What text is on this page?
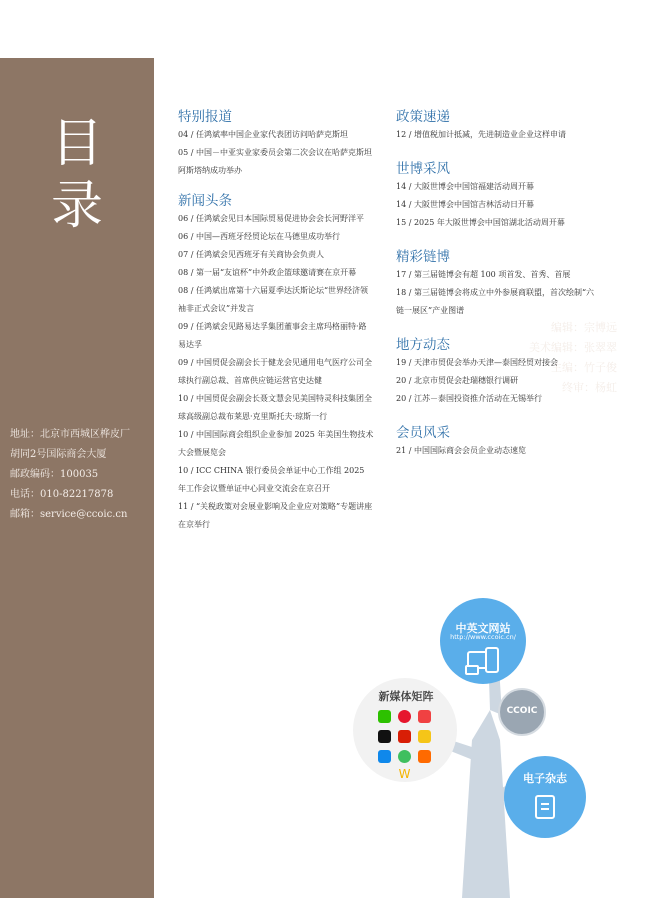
目
录
编辑：宗博远
美术编辑：张翠翠
主编：竹子俊
终审：杨虹
地址：北京市西城区桦皮厂
胡同2号国际商会大厦
邮政编码：100035
电话：010-82217878
邮箱：service@ccoic.cn
特别报道
04 / 任鸿斌率中国企业家代表团访问哈萨克斯坦
05 / 中国－中亚实业家委员会第二次会议在哈萨克斯坦阿斯塔纳成功举办
新闻头条
06 / 任鸿斌会见日本国际贸易促进协会会长河野洋平
06 / 中国—西班牙经贸论坛在马德里成功举行
07 / 任鸿斌会见西班牙有关商协会负责人
08 / 第一届“友谊杯”中外政企篮球邀请赛在京开幕
08 / 任鸿斌出席第十六届夏季达沃斯论坛“世界经济领袖非正式会议”并发言
09 / 任鸿斌会见路易达孚集团董事会主席玛格丽特·路易达孚
09 / 中国贸促会副会长于健龙会见通用电气医疗公司全球执行副总裁、首席供应链运营官史达健
10 / 中国贸促会副会长聂文慧会见美国特灵科技集团全球高级副总裁布莱恩·克里斯托夫·琼斯一行
10 / 中国国际商会组织企业参加 2025 年美国生物技术大会暨展览会
10 / ICC CHINA 银行委员会单证中心工作组 2025 年工作会议暨单证中心同业交流会在京召开
11 / “关税政策对会展业影响及企业应对策略”专题讲座在京举行
政策速递
12 / 增值税加计抵减，先进制造业企业这样申请
世博采风
14 / 大阪世博会中国馆福建活动周开幕
14 / 大阪世博会中国馆吉林活动日开幕
15 / 2025 年大阪世博会中国馆湖北活动周开幕
精彩链博
17 / 第三届链博会有超 100 项首发、首秀、首展
18 / 第三届链博会将成立中外参展商联盟，首次绘制“六链一展区”产业图谱
地方动态
19 / 天津市贸促会举办天津—泰国经贸对接会
20 / 北京市贸促会赴瑞穗银行调研
20 / 江苏－泰国投资推介活动在无锡举行
会员风采
21 / 中国国际商会会员企业动态速览
中英文网站
http://www.ccoic.cn/
CCOIC
新媒体矩阵
W	电子杂志
